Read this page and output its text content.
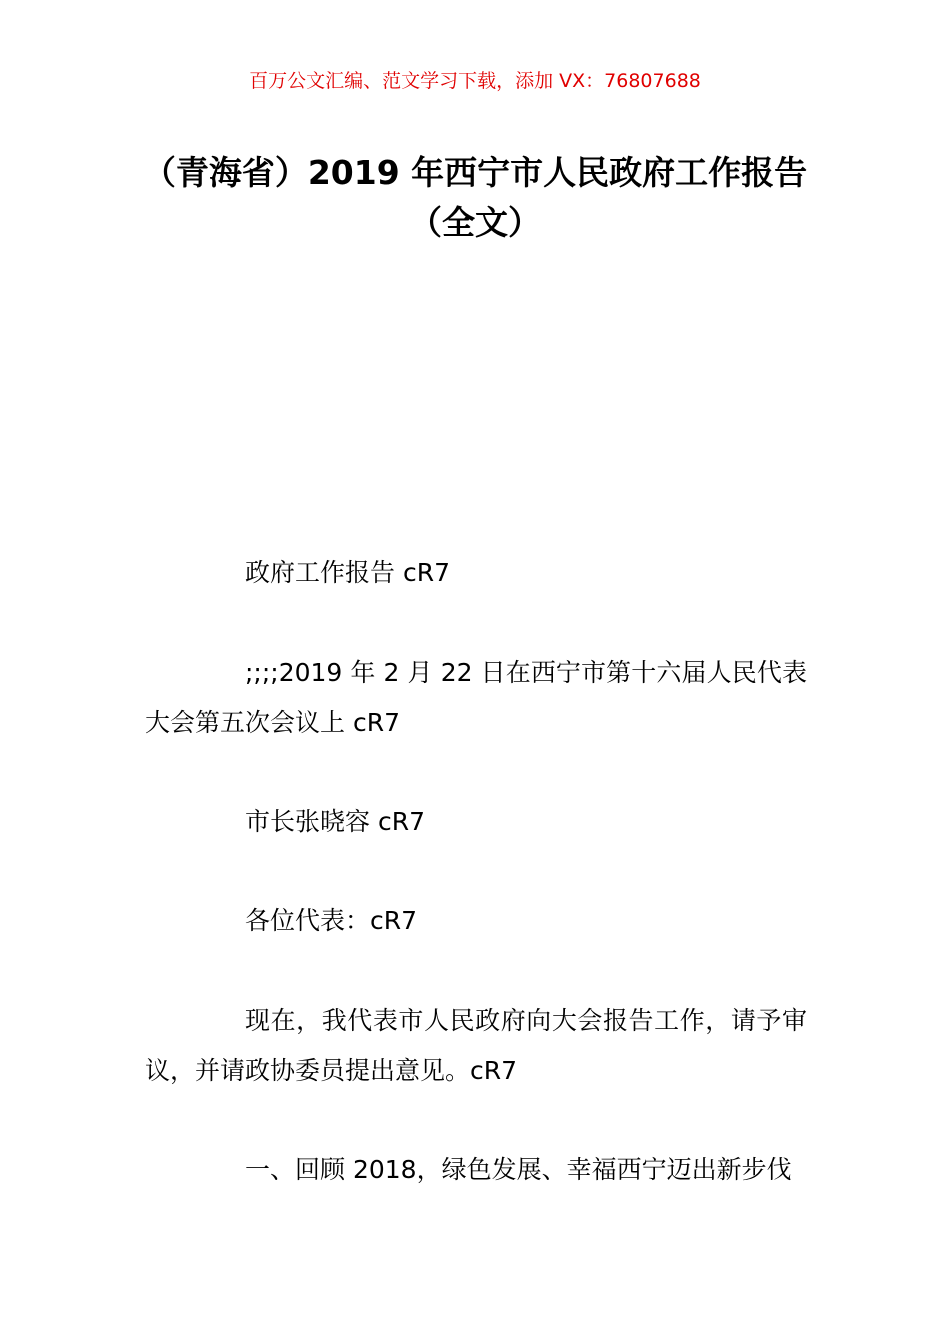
百万公文汇编、范文学习下载，添加 VX：76807688
（青海省）2019 年西宁市人民政府工作报告（全文）

政府工作报告 cR7

;;;;2019 年 2 月 22 日在西宁市第十六届人民代表大会第五次会议上 cR7

市长张晓容 cR7

各位代表：cR7

现在，我代表市人民政府向大会报告工作，请予审议，并请政协委员提出意见。cR7

一、回顾 2018，绿色发展、幸福西宁迈出新步伐
